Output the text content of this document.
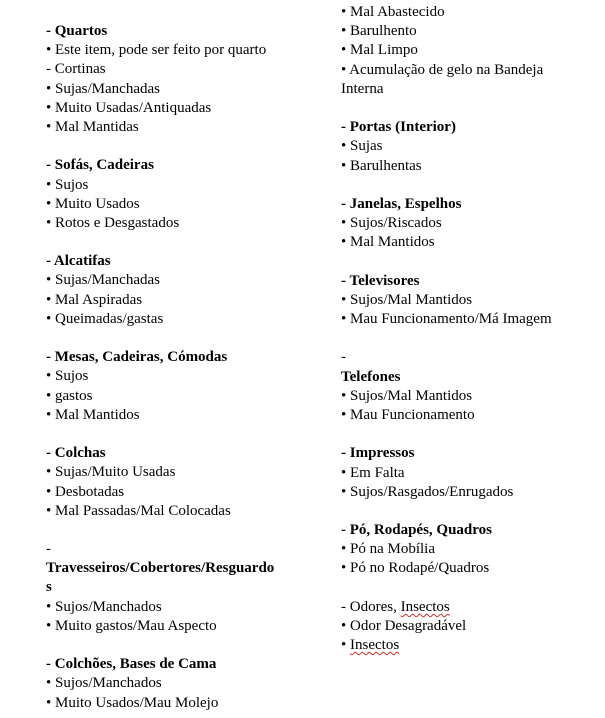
- Quartos
• Este item, pode ser feito por quarto
- Cortinas
• Sujas/Manchadas
• Muito Usadas/Antiquadas
• Mal Mantidas
- Sofás, Cadeiras
• Sujos
• Muito Usados
• Rotos e Desgastados
- Alcatifas
• Sujas/Manchadas
• Mal Aspiradas
• Queimadas/gastas
- Mesas, Cadeiras, Cómodas
• Sujos
• gastos
• Mal Mantidos
- Colchas
• Sujas/Muito Usadas
• Desbotadas
• Mal Passadas/Mal Colocadas
-
Travesseiros/Cobertores/Resguardo
s
• Sujos/Manchados
• Muito gastos/Mau Aspecto
- Colchões, Bases de Cama
• Sujos/Manchados
• Muito Usados/Mau Molejo
• Mal Abastecido
• Barulhento
• Mal Limpo
• Acumulação de gelo na Bandeja
Interna
- Portas (Interior)
• Sujas
• Barulhentas
- Janelas, Espelhos
• Sujos/Riscados
• Mal Mantidos
- Televisores
• Sujos/Mal Mantidos
• Mau Funcionamento/Má Imagem
-
Telefones
• Sujos/Mal Mantidos
• Mau Funcionamento
- Impressos
• Em Falta
• Sujos/Rasgados/Enrugados
- Pó, Rodapés, Quadros
• Pó na Mobília
• Pó no Rodapé/Quadros
- Odores, Insectos
• Odor Desagradável
• Insectos
